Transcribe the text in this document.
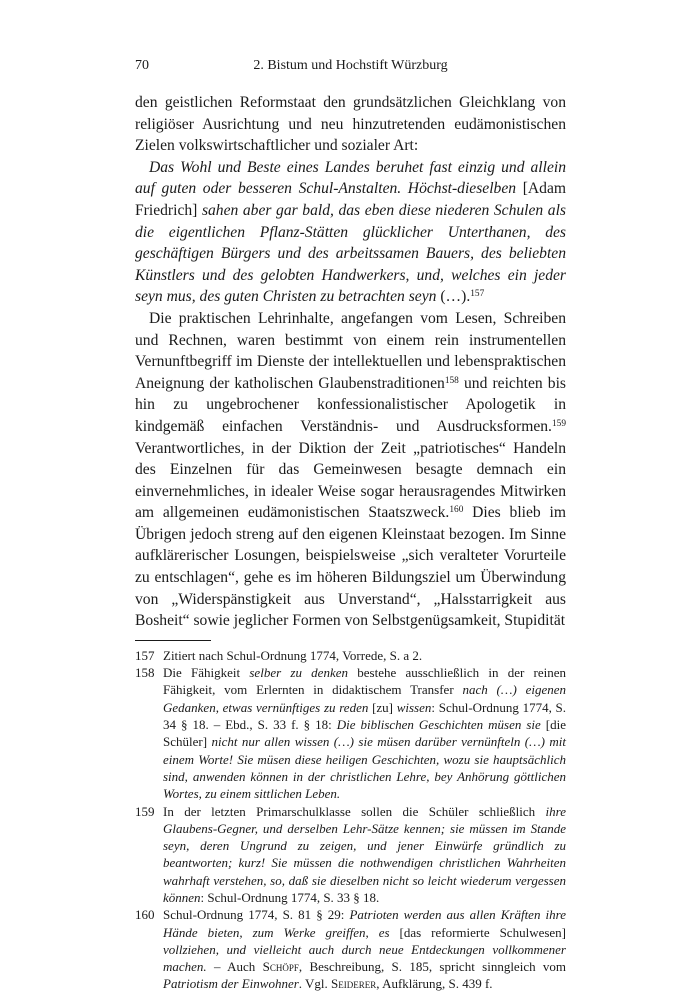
70	2. Bistum und Hochstift Würzburg

den geistlichen Reformstaat den grundsätzlichen Gleichklang von religiöser Ausrichtung und neu hinzutretenden eudämonistischen Zielen volkswirtschaftlicher und sozialer Art:

Das Wohl und Beste eines Landes beruhet fast einzig und allein auf guten oder besseren Schul-Anstalten. Höchst-dieselben [Adam Friedrich] sahen aber gar bald, das eben diese niederen Schulen als die eigentlichen Pflanz-Stätten glücklicher Unterthanen, des geschäftigen Bürgers und des arbeitssamen Bauers, des beliebten Künstlers und des gelobten Handwerkers, und, welches ein jeder seyn mus, des guten Christen zu betrachten seyn (…).$^{157}$

Die praktischen Lehrinhalte, angefangen vom Lesen, Schreiben und Rechnen, waren bestimmt von einem rein instrumentellen Vernunftbegriff im Dienste der intellektuellen und lebenspraktischen Aneignung der katholischen Glaubenstraditionen$^{158}$ und reichten bis hin zu ungebrochener konfessionalistischer Apologetik in kindgemäß einfachen Verständnis- und Ausdrucksformen.$^{159}$ Verantwortliches, in der Diktion der Zeit „patriotisches“ Handeln des Einzelnen für das Gemeinwesen besagte demnach ein einvernehmliches, in idealer Weise sogar herausragendes Mitwirken am allgemeinen eudämonistischen Staatszweck.$^{160}$ Dies blieb im Übrigen jedoch streng auf den eigenen Kleinstaat bezogen. Im Sinne aufklärerischer Losungen, beispielsweise „sich veralteter Vorurteile zu entschlagen“, gehe es im höheren Bildungsziel um Überwindung von „Widerspänstigkeit aus Unverstand“, „Halsstarrigkeit aus Bosheit“ sowie jeglicher Formen von Selbstgenügsamkeit, Stupidität

157 Zitiert nach Schul-Ordnung 1774, Vorrede, S. a 2.
158 Die Fähigkeit selber zu denken bestehe ausschließlich in der reinen Fähigkeit, vom Erlernten in didaktischem Transfer nach (…) eigenen Gedanken, etwas vernünftiges zu reden [zu] wissen: Schul-Ordnung 1774, S. 34 § 18. – Ebd., S. 33 f. § 18: Die biblischen Geschichten müsen sie [die Schüler] nicht nur allen wissen (…) sie müsen darüber vernünfteln (…) mit einem Worte! Sie müsen diese heiligen Geschichten, wozu sie hauptsächlich sind, anwenden können in der christlichen Lehre, bey Anhörung göttlichen Wortes, zu einem sittlichen Leben.
159 In der letzten Primarschulklasse sollen die Schüler schließlich ihre Glaubens-Gegner, und derselben Lehr-Sätze kennen; sie müssen im Stande seyn, deren Ungrund zu zeigen, und jener Einwürfe gründlich zu beantworten; kurz! Sie müssen die nothwendigen christlichen Wahrheiten wahrhaft verstehen, so, daß sie dieselben nicht so leicht wiederum vergessen können: Schul-Ordnung 1774, S. 33 § 18.
160 Schul-Ordnung 1774, S. 81 § 29: Patrioten werden aus allen Kräften ihre Hände bieten, zum Werke greiffen, es [das reformierte Schulwesen] vollziehen, und vielleicht auch durch neue Entdeckungen vollkommener machen. – Auch Schöpf, Beschreibung, S. 185, spricht sinngleich vom Patriotism der Einwohner. Vgl. Seiderer, Aufklärung, S. 439 f.
